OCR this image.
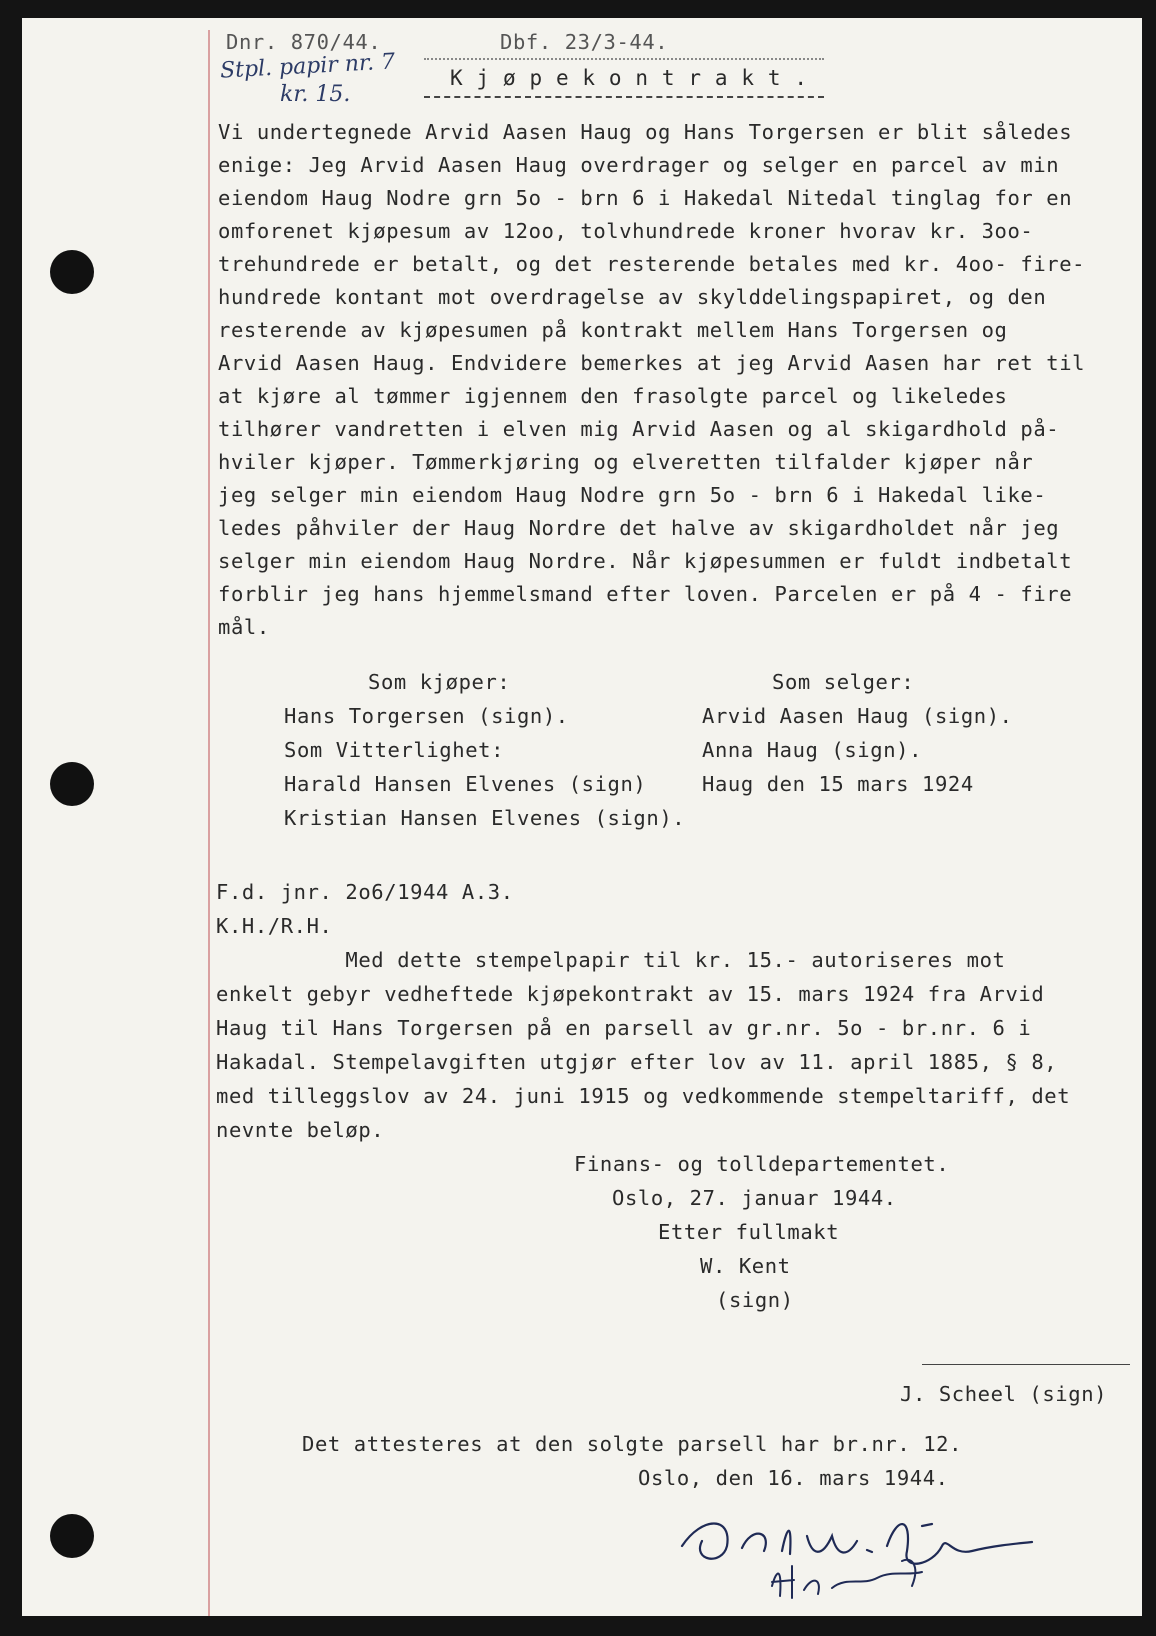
Dnr. 870/44.	Dbf. 23/3-44.
Stpl. papir nr. 7
kr. 15.
K j ø p e k o n t r a k t .
Vi undertegnede Arvid Aasen Haug og Hans Torgersen er blit således
enige: Jeg Arvid Aasen Haug overdrager og selger en parcel av min
eiendom Haug Nodre grn 5o - brn 6 i Hakedal Nitedal tinglag for en
omforenet kjøpesum av 12oo, tolvhundrede kroner hvorav kr. 3oo-
trehundrede er betalt, og det resterende betales med kr. 4oo- fire-
hundrede kontant mot overdragelse av skylddelingspapiret, og den
resterende av kjøpesumen på kontrakt mellem Hans Torgersen og
Arvid Aasen Haug. Endvidere bemerkes at jeg Arvid Aasen har ret til
at kjøre al tømmer igjennem den frasolgte parcel og likeledes
tilhører vandretten i elven mig Arvid Aasen og al skigardhold på-
hviler kjøper. Tømmerkjøring og elveretten tilfalder kjøper når
jeg selger min eiendom Haug Nodre grn 5o - brn 6 i Hakedal like-
ledes påhviler der Haug Nordre det halve av skigardholdet når jeg
selger min eiendom Haug Nordre. Når kjøpesummen er fuldt indbetalt
forblir jeg hans hjemmelsmand efter loven. Parcelen er på 4 - fire
mål.
Som kjøper:
Hans Torgersen (sign).
Som Vitterlighet:
Harald Hansen Elvenes (sign)
Kristian Hansen Elvenes (sign).
Som selger:
Arvid Aasen Haug (sign).
Anna Haug (sign).
Haug den 15 mars 1924
F.d. jnr. 2o6/1944 A.3.
K.H./R.H.
Med dette stempelpapir til kr. 15.- autoriseres mot
enkelt gebyr vedheftede kjøpekontrakt av 15. mars 1924 fra Arvid
Haug til Hans Torgersen på en parsell av gr.nr. 5o - br.nr. 6 i
Hakadal. Stempelavgiften utgjør efter lov av 11. april 1885, § 8,
med tilleggslov av 24. juni 1915 og vedkommende stempeltariff, det
nevnte beløp.
Finans- og tolldepartementet.
Oslo, 27. januar 1944.
Etter fullmakt
W. Kent
(sign)
J. Scheel (sign)
Det attesteres at den solgte parsell har br.nr. 12.
Oslo, den 16. mars 1944.
